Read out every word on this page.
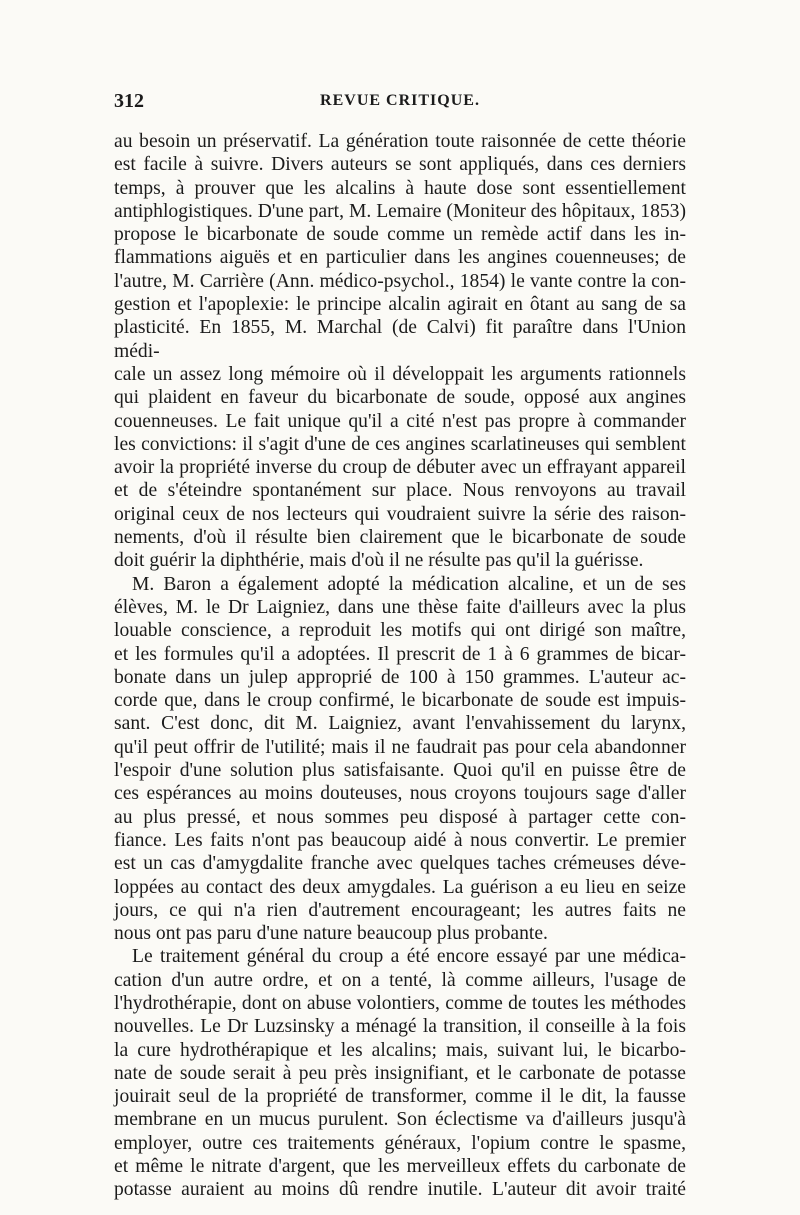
312	REVUE CRITIQUE.

au besoin un préservatif. La génération toute raisonnée de cette théorie

est facile à suivre. Divers auteurs se sont appliqués, dans ces derniers

temps, à prouver que les alcalins à haute dose sont essentiellement

antiphlogistiques. D'une part, M. Lemaire (Moniteur des hôpitaux, 1853)

propose le bicarbonate de soude comme un remède actif dans les in-

flammations aiguës et en particulier dans les angines couenneuses; de

l'autre, M. Carrière (Ann. médico-psychol., 1854) le vante contre la con-

gestion et l'apoplexie: le principe alcalin agirait en ôtant au sang de sa

plasticité. En 1855, M. Marchal (de Calvi) fit paraître dans l'Union médi-

cale un assez long mémoire où il développait les arguments rationnels

qui plaident en faveur du bicarbonate de soude, opposé aux angines

couenneuses. Le fait unique qu'il a cité n'est pas propre à commander

les convictions: il s'agit d'une de ces angines scarlatineuses qui semblent

avoir la propriété inverse du croup de débuter avec un effrayant appareil

et de s'éteindre spontanément sur place. Nous renvoyons au travail

original ceux de nos lecteurs qui voudraient suivre la série des raison-

nements, d'où il résulte bien clairement que le bicarbonate de soude

doit guérir la diphthérie, mais d'où il ne résulte pas qu'il la guérisse.

M. Baron a également adopté la médication alcaline, et un de ses

élèves, M. le Dr Laigniez, dans une thèse faite d'ailleurs avec la plus

louable conscience, a reproduit les motifs qui ont dirigé son maître,

et les formules qu'il a adoptées. Il prescrit de 1 à 6 grammes de bicar-

bonate dans un julep approprié de 100 à 150 grammes. L'auteur ac-

corde que, dans le croup confirmé, le bicarbonate de soude est impuis-

sant. C'est donc, dit M. Laigniez, avant l'envahissement du larynx,

qu'il peut offrir de l'utilité; mais il ne faudrait pas pour cela abandonner

l'espoir d'une solution plus satisfaisante. Quoi qu'il en puisse être de

ces espérances au moins douteuses, nous croyons toujours sage d'aller

au plus pressé, et nous sommes peu disposé à partager cette con-

fiance. Les faits n'ont pas beaucoup aidé à nous convertir. Le premier

est un cas d'amygdalite franche avec quelques taches crémeuses déve-

loppées au contact des deux amygdales. La guérison a eu lieu en seize

jours, ce qui n'a rien d'autrement encourageant; les autres faits ne

nous ont pas paru d'une nature beaucoup plus probante.

Le traitement général du croup a été encore essayé par une médica-

cation d'un autre ordre, et on a tenté, là comme ailleurs, l'usage de

l'hydrothérapie, dont on abuse volontiers, comme de toutes les méthodes

nouvelles. Le Dr Luzsinsky a ménagé la transition, il conseille à la fois

la cure hydrothérapique et les alcalins; mais, suivant lui, le bicarbo-

nate de soude serait à peu près insignifiant, et le carbonate de potasse

jouirait seul de la propriété de transformer, comme il le dit, la fausse

membrane en un mucus purulent. Son éclectisme va d'ailleurs jusqu'à

employer, outre ces traitements généraux, l'opium contre le spasme,

et même le nitrate d'argent, que les merveilleux effets du carbonate de

potasse auraient au moins dû rendre inutile. L'auteur dit avoir traité
